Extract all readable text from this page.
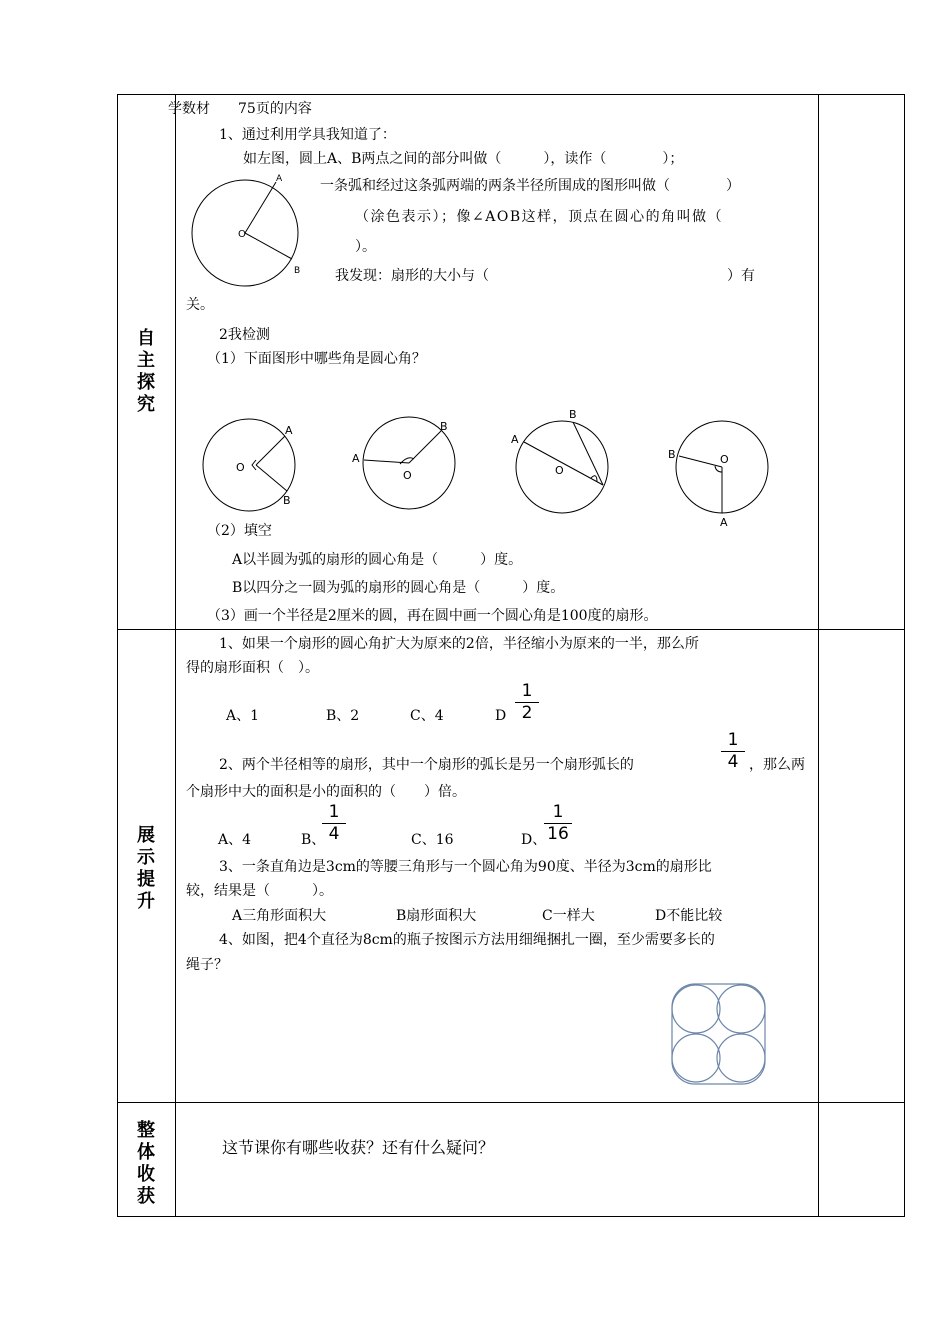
自
主
探
究
展
示
提
升
整
体
收
获
学数材　　75页的内容
1、通过利用学具我知道了：
如左图，圆上A、B两点之间的部分叫做（　　　），读作（　　　　）；
A
B
O
一条弧和经过这条弧两端的两条半径所围成的图形叫做（　　　　）
（涂色表示）；像∠AOB这样，顶点在圆心的角叫做（
）。
我发现：扇形的大小与（　　　　　　　　　　　　　　　　　）有
关。
2我检测
（1）下面图形中哪些角是圆心角？
A
B
O
A
B
O
A
B
O
B	O
A
（2）填空
A以半圆为弧的扇形的圆心角是（　　　）度。
B以四分之一圆为弧的扇形的圆心角是（　　　）度。
（3）画一个半径是2厘米的圆，再在圆中画一个圆心角是100度的扇形。
1、如果一个扇形的圆心角扩大为原来的2倍，半径缩小为原来的一半，那么所
得的扇形面积（　）。
A、1	B、2	C、4	D $\frac{1}{2}$
2、两个半径相等的扇形，其中一个扇形的弧长是另一个扇形弧长的	$\frac{1}{4}$ ，那么两
个扇形中大的面积是小的面积的（　　）倍。
A、4	B、
$\frac{1}{4}$	C、16	D、
$\frac{1}{16}$
3、一条直角边是3cm的等腰三角形与一个圆心角为90度、半径为3cm的扇形比
较，结果是（　　　）。
A三角形面积大	B扇形面积大	C一样大	D不能比较
4、如图，把4个直径为8cm的瓶子按图示方法用细绳捆扎一圈，至少需要多长的
绳子？
这节课你有哪些收获？还有什么疑问？
